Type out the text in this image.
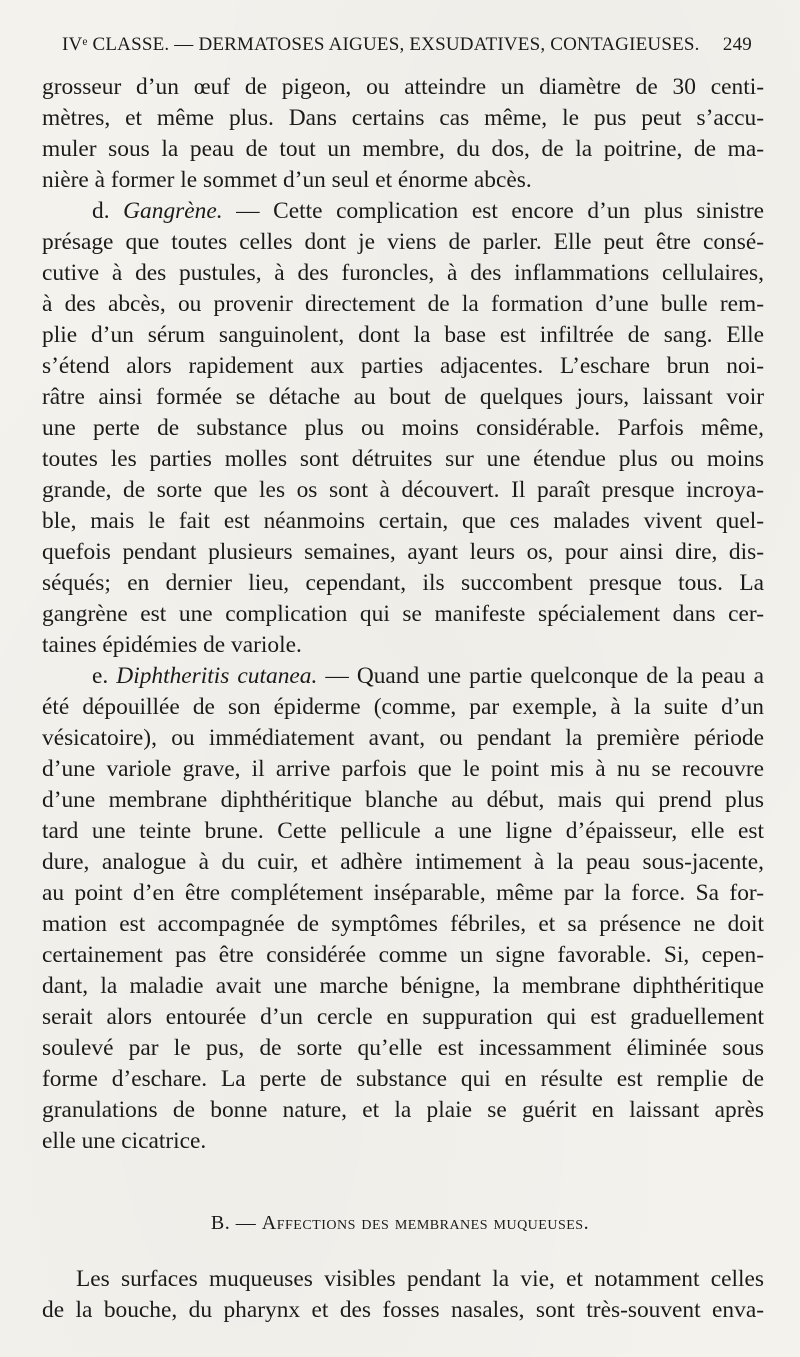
IVᵉ CLASSE. — DERMATOSES AIGUES, EXSUDATIVES, CONTAGIEUSES. 249
grosseur d’un œuf de pigeon, ou atteindre un diamètre de 30 centi-
mètres, et même plus. Dans certains cas même, le pus peut s’accu-
muler sous la peau de tout un membre, du dos, de la poitrine, de ma-
nière à former le sommet d’un seul et énorme abcès.
d. Gangrène. — Cette complication est encore d’un plus sinistre
présage que toutes celles dont je viens de parler. Elle peut être consé-
cutive à des pustules, à des furoncles, à des inflammations cellulaires,
à des abcès, ou provenir directement de la formation d’une bulle rem-
plie d’un sérum sanguinolent, dont la base est infiltrée de sang. Elle
s’étend alors rapidement aux parties adjacentes. L’eschare brun noi-
râtre ainsi formée se détache au bout de quelques jours, laissant voir
une perte de substance plus ou moins considérable. Parfois même,
toutes les parties molles sont détruites sur une étendue plus ou moins
grande, de sorte que les os sont à découvert. Il paraît presque incroya-
ble, mais le fait est néanmoins certain, que ces malades vivent quel-
quefois pendant plusieurs semaines, ayant leurs os, pour ainsi dire, dis-
séqués; en dernier lieu, cependant, ils succombent presque tous. La
gangrène est une complication qui se manifeste spécialement dans cer-
taines épidémies de variole.
e. Diphtheritis cutanea. — Quand une partie quelconque de la peau a
été dépouillée de son épiderme (comme, par exemple, à la suite d’un
vésicatoire), ou immédiatement avant, ou pendant la première période
d’une variole grave, il arrive parfois que le point mis à nu se recouvre
d’une membrane diphthéritique blanche au début, mais qui prend plus
tard une teinte brune. Cette pellicule a une ligne d’épaisseur, elle est
dure, analogue à du cuir, et adhère intimement à la peau sous-jacente,
au point d’en être complétement inséparable, même par la force. Sa for-
mation est accompagnée de symptômes fébriles, et sa présence ne doit
certainement pas être considérée comme un signe favorable. Si, cepen-
dant, la maladie avait une marche bénigne, la membrane diphthéritique
serait alors entourée d’un cercle en suppuration qui est graduellement
soulevé par le pus, de sorte qu’elle est incessamment éliminée sous
forme d’eschare. La perte de substance qui en résulte est remplie de
granulations de bonne nature, et la plaie se guérit en laissant après
elle une cicatrice.
B. — Affections des membranes muqueuses.
Les surfaces muqueuses visibles pendant la vie, et notamment celles
de la bouche, du pharynx et des fosses nasales, sont très-souvent enva-
